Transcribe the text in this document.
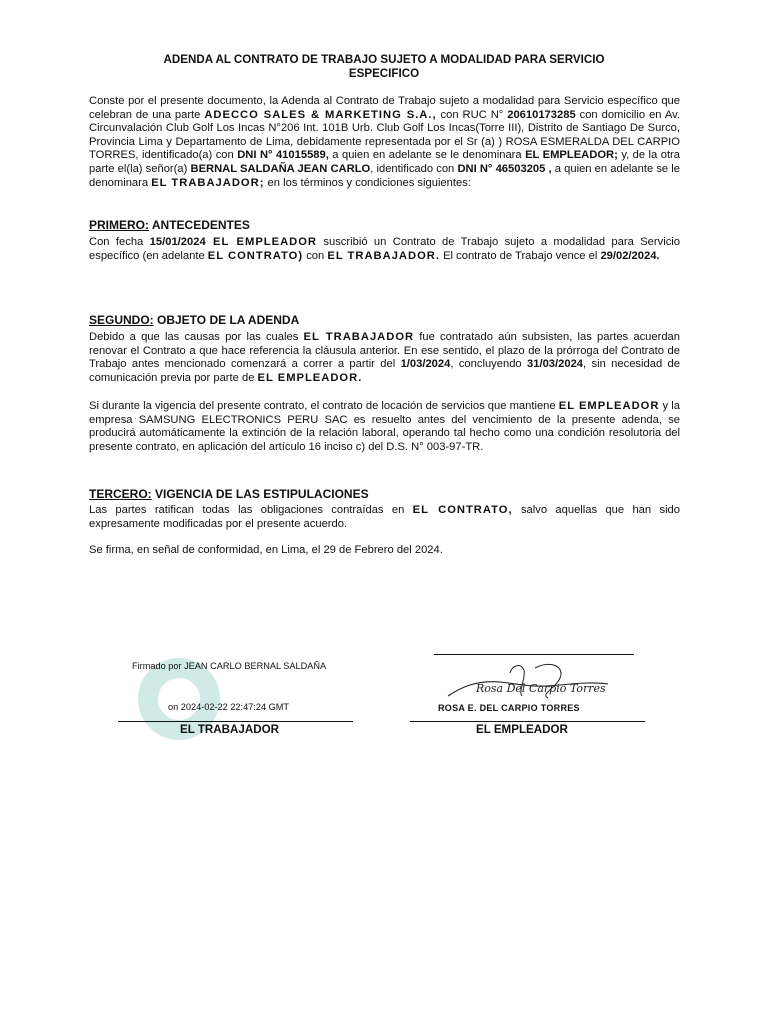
ADENDA AL CONTRATO DE TRABAJO SUJETO A MODALIDAD PARA SERVICIO
ESPECIFICO

Conste por el presente documento, la Adenda al Contrato de Trabajo sujeto a modalidad para Servicio específico que celebran de una parte ADECCO SALES & MARKETING S.A., con RUC N° 20610173285 con domicilio en Av. Circunvalación Club Golf Los Incas N°206 Int. 101B Urb. Club Golf Los Incas(Torre III), Distrito de Santiago De Surco, Provincia Lima y Departamento de Lima, debidamente representada por el Sr (a) ) ROSA ESMERALDA DEL CARPIO TORRES, identificado(a) con DNI N° 41015589, a quien en adelante se le denominara EL EMPLEADOR; y, de la otra parte el(la) señor(a) BERNAL SALDAÑA JEAN CARLO, identificado con DNI N° 46503205 , a quien en adelante se le denominara EL TRABAJADOR; en los términos y condiciones siguientes:

PRIMERO: ANTECEDENTES

Con fecha 15/01/2024 EL EMPLEADOR suscribió un Contrato de Trabajo sujeto a modalidad para Servicio específico (en adelante EL CONTRATO) con EL TRABAJADOR. El contrato de Trabajo vence el 29/02/2024.

SEGUNDO: OBJETO DE LA ADENDA

Debido a que las causas por las cuales EL TRABAJADOR fue contratado aún subsisten, las partes acuerdan renovar el Contrato a que hace referencia la cláusula anterior. En ese sentido, el plazo de la prórroga del Contrato de Trabajo antes mencionado comenzará a correr a partir del 1/03/2024, concluyendo 31/03/2024, sin necesidad de comunicación previa por parte de EL EMPLEADOR.

Si durante la vigencia del presente contrato, el contrato de locación de servicios que mantiene EL EMPLEADOR y la empresa SAMSUNG ELECTRONICS PERU SAC es resuelto antes del vencimiento de la presente adenda, se producirá automáticamente la extinción de la relación laboral, operando tal hecho como una condición resolutoria del presente contrato, en aplicación del artículo 16 inciso c) del D.S. N° 003-97-TR.

TERCERO: VIGENCIA DE LAS ESTIPULACIONES

Las partes ratifican todas las obligaciones contraídas en EL CONTRATO, salvo aquellas que han sido expresamente modificadas por el presente acuerdo.

Se firma, en señal de conformidad, en Lima, el 29 de Febrero del 2024.

Firmado por JEAN CARLO BERNAL SALDAÑA
on 2024-02-22 22:47:24 GMT
EL TRABAJADOR
Rosa Del Carpio Torres
ROSA E. DEL CARPIO TORRES
EL EMPLEADOR
